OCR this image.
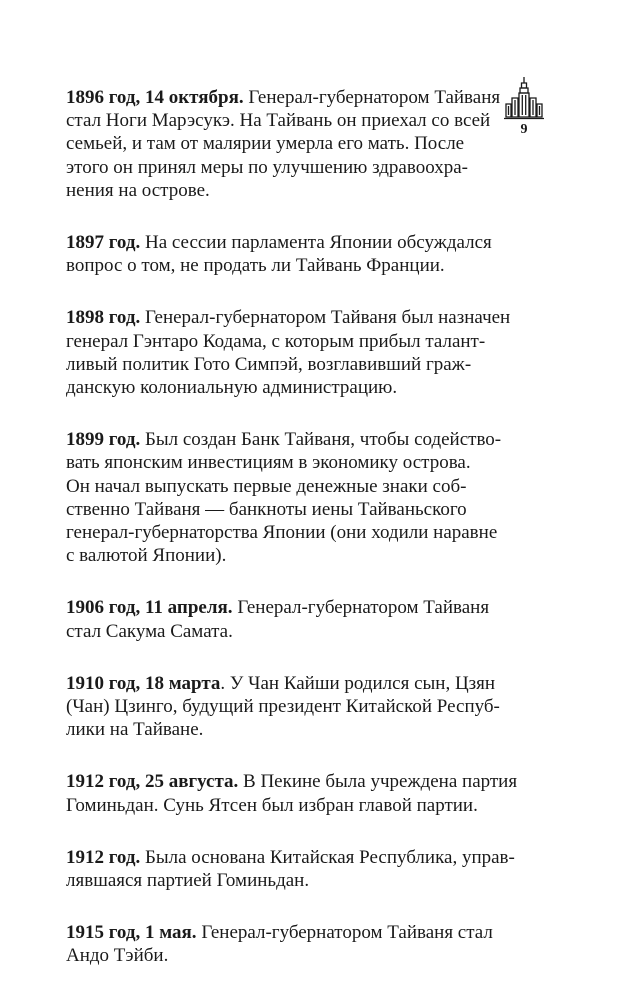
9

1896 год, 14 октября. Генерал-губернатором Тайваня
стал Ноги Марэсукэ. На Тайвань он приехал со всей
семьей, и там от малярии умерла его мать. После
этого он принял меры по улучшению здравоохра-
нения на острове.

1897 год. На сессии парламента Японии обсуждался
вопрос о том, не продать ли Тайвань Франции.

1898 год. Генерал-губернатором Тайваня был назначен
генерал Гэнтаро Кодама, с которым прибыл талант-
ливый политик Гото Симпэй, возглавивший граж-
данскую колониальную администрацию.

1899 год. Был создан Банк Тайваня, чтобы содейство-
вать японским инвестициям в экономику острова.
Он начал выпускать первые денежные знаки соб-
ственно Тайваня — банкноты иены Тайваньского
генерал-губернаторства Японии (они ходили наравне
с валютой Японии).

1906 год, 11 апреля. Генерал-губернатором Тайваня
стал Сакума Самата.

1910 год, 18 марта. У Чан Кайши родился сын, Цзян
(Чан) Цзинго, будущий президент Китайской Респуб-
лики на Тайване.

1912 год, 25 августа. В Пекине была учреждена партия
Гоминьдан. Сунь Ятсен был избран главой партии.

1912 год. Была основана Китайская Республика, управ-
лявшаяся партией Гоминьдан.

1915 год, 1 мая. Генерал-губернатором Тайваня стал
Андо Тэйби.
